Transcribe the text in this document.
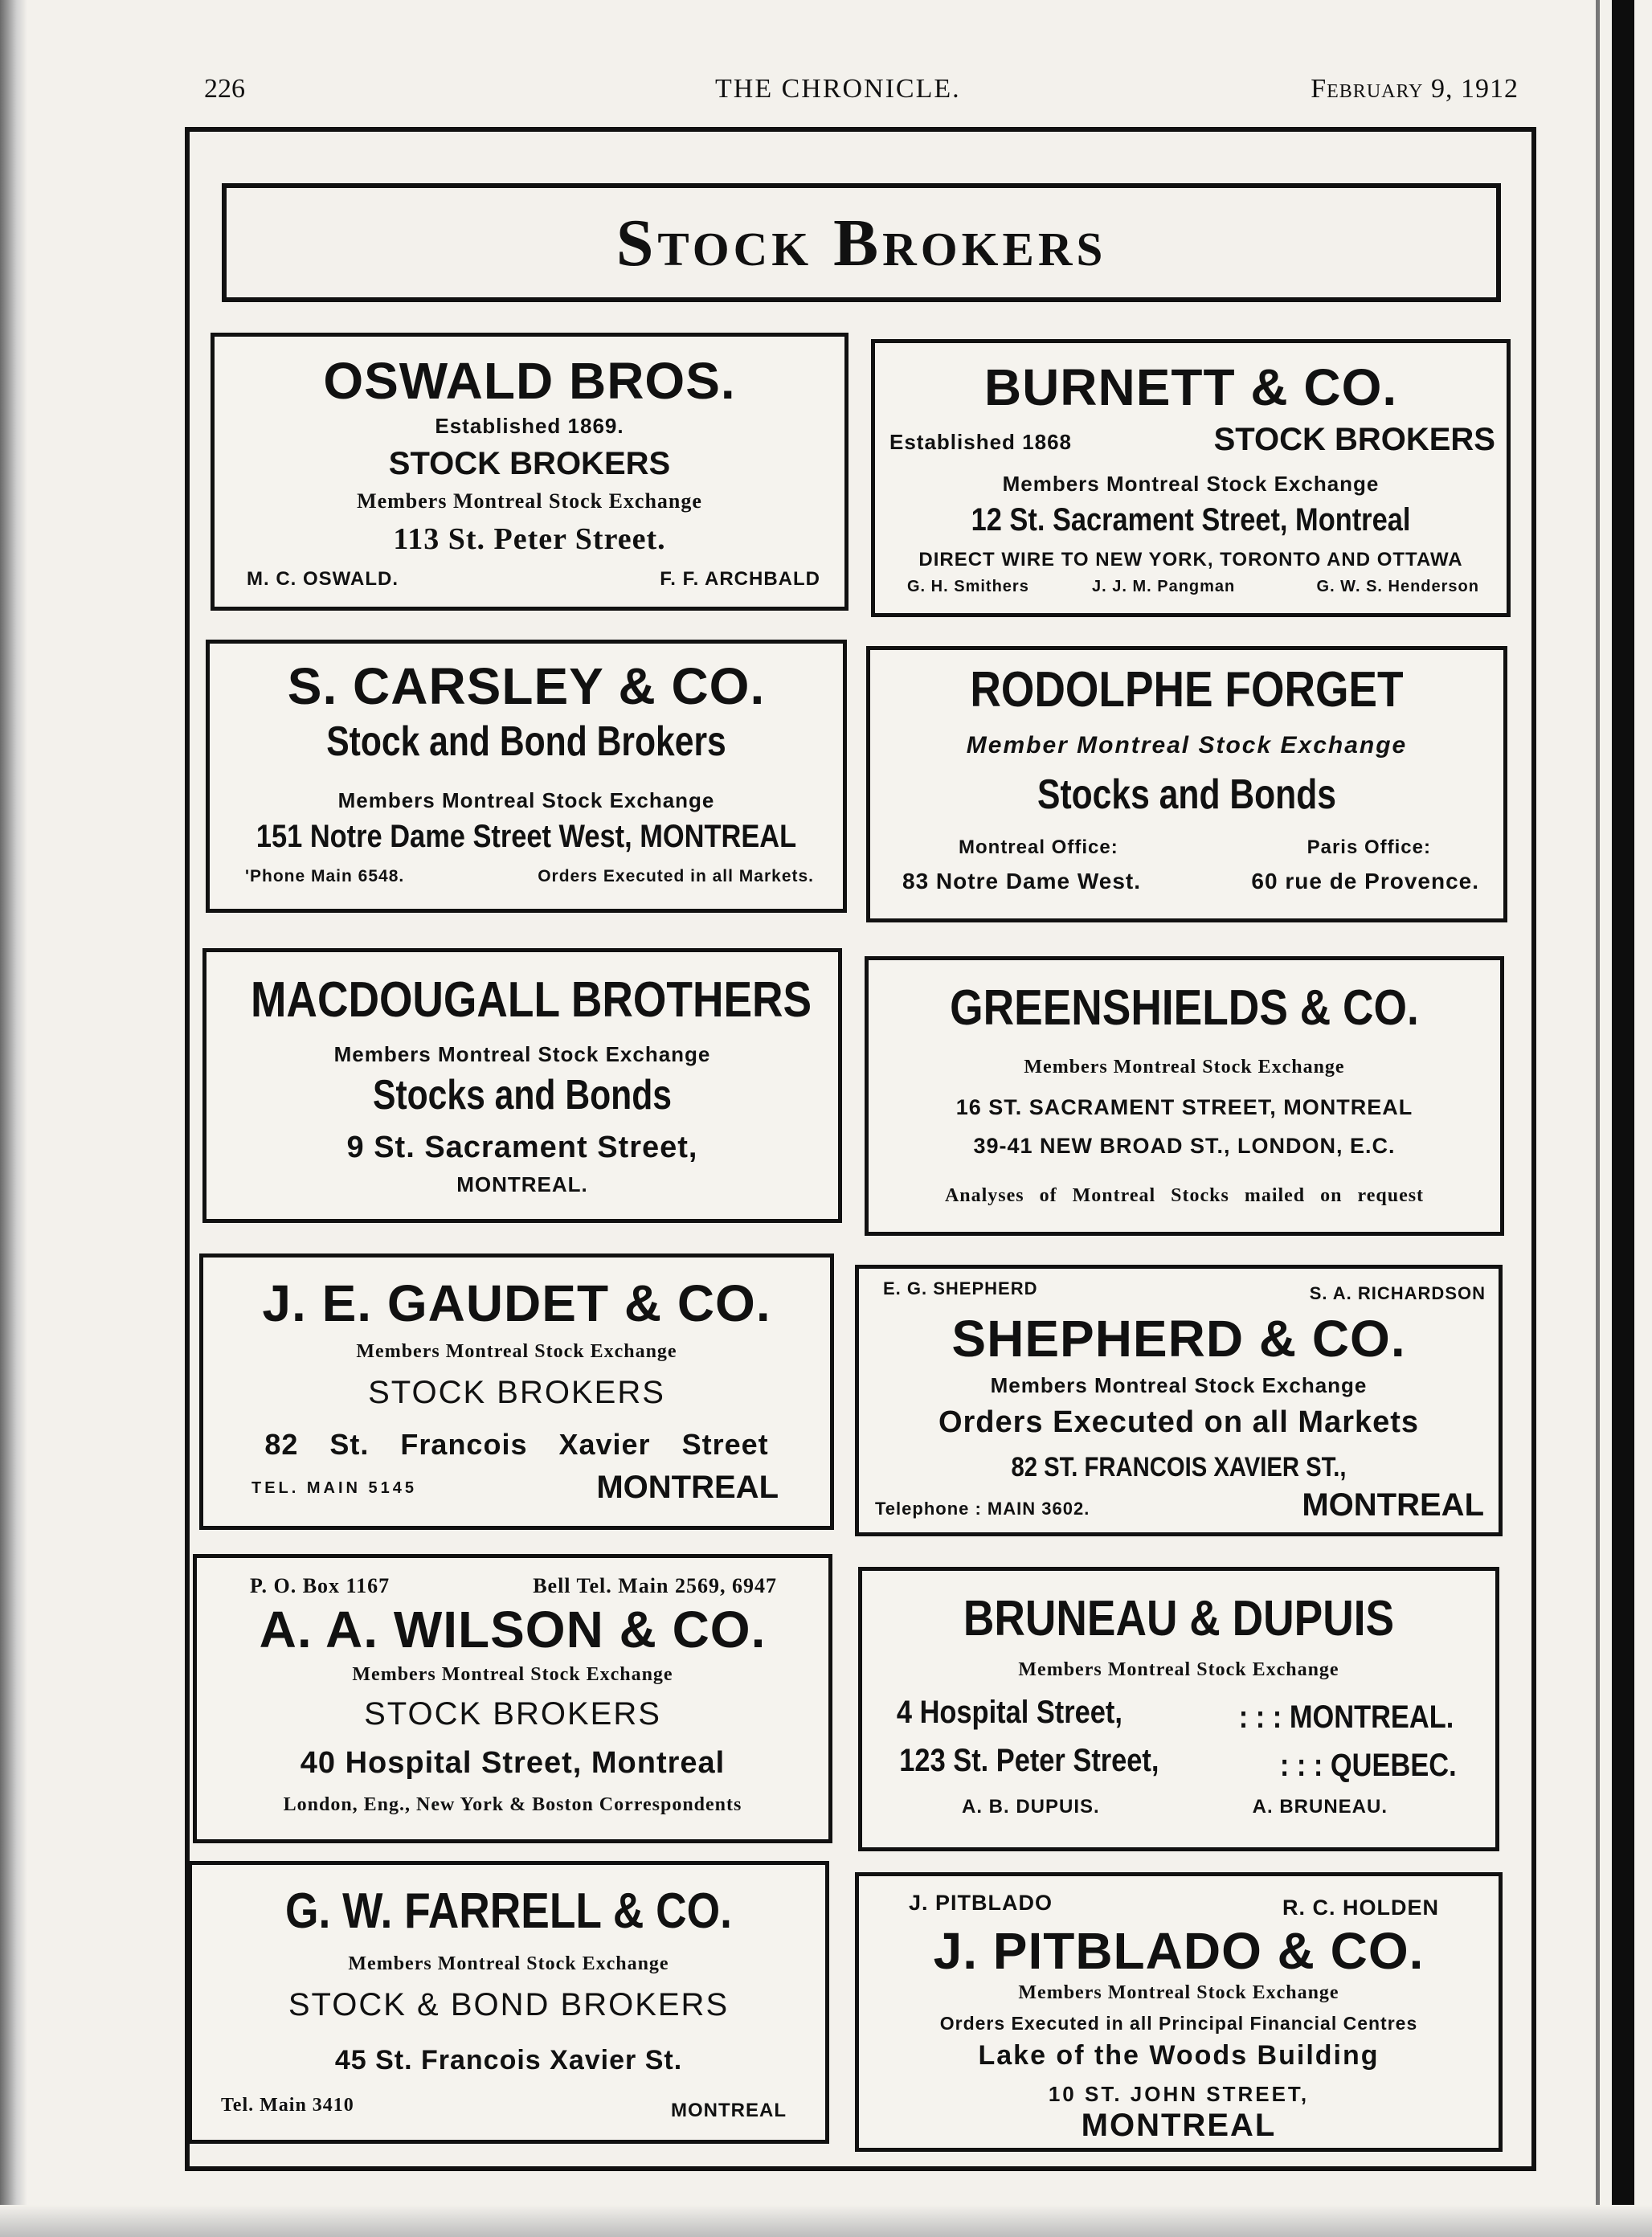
226	THE CHRONICLE.	February 9, 1912
Stock Brokers
OSWALD BROS.
Established 1869.
STOCK BROKERS
Members Montreal Stock Exchange
113 St. Peter Street.
M. C. OSWALD.	F. F. ARCHBALD
BURNETT & CO.
Established 1868	STOCK BROKERS
Members Montreal Stock Exchange
12 St. Sacrament Street, Montreal
DIRECT WIRE TO NEW YORK, TORONTO AND OTTAWA
G. H. Smithers	J. J. M. Pangman	G. W. S. Henderson
S. CARSLEY & CO.
Stock and Bond Brokers
Members Montreal Stock Exchange
151 Notre Dame Street West, MONTREAL
'Phone Main 6548.	Orders Executed in all Markets.
RODOLPHE FORGET
Member Montreal Stock Exchange
Stocks and Bonds
Montreal Office:	Paris Office:
83 Notre Dame West.	60 rue de Provence.
MACDOUGALL BROTHERS
Members Montreal Stock Exchange
Stocks and Bonds
9 St. Sacrament Street,
MONTREAL.
GREENSHIELDS & CO.
Members Montreal Stock Exchange
16 ST. SACRAMENT STREET, MONTREAL
39-41 NEW BROAD ST., LONDON, E.C.
Analyses of Montreal Stocks mailed on request
J. E. GAUDET & CO.
Members Montreal Stock Exchange
STOCK BROKERS
82 St. Francois Xavier Street
TEL. MAIN 5145	MONTREAL
E. G. SHEPHERD	S. A. RICHARDSON
SHEPHERD & CO.
Members Montreal Stock Exchange
Orders Executed on all Markets
82 ST. FRANCOIS XAVIER ST.,
Telephone : MAIN 3602.	MONTREAL
P. O. Box 1167	Bell Tel. Main 2569, 6947
A. A. WILSON & CO.
Members Montreal Stock Exchange
STOCK BROKERS
40 Hospital Street, Montreal
London, Eng., New York & Boston Correspondents
BRUNEAU & DUPUIS
Members Montreal Stock Exchange
4 Hospital Street,	: : : MONTREAL.
123 St. Peter Street,	: : : QUEBEC.
A. B. DUPUIS.	A. BRUNEAU.
G. W. FARRELL & CO.
Members Montreal Stock Exchange
STOCK & BOND BROKERS
45 St. Francois Xavier St.
Tel. Main 3410	MONTREAL
J. PITBLADO	R. C. HOLDEN
J. PITBLADO & CO.
Members Montreal Stock Exchange
Orders Executed in all Principal Financial Centres
Lake of the Woods Building
10 ST. JOHN STREET,
MONTREAL
